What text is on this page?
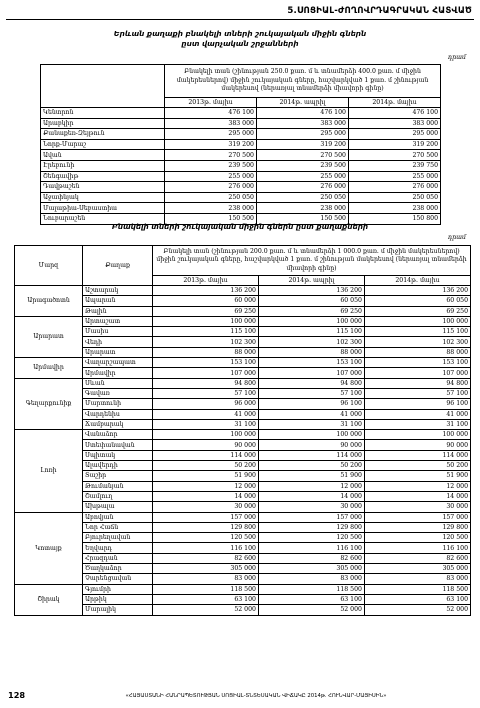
5.ՍՈՑԻԱԼ-ԺՈՂՈՎՐԴԱԳՐԱԿԱՆ ՀԱՏՎԱԾ
Երևան քաղաքի բնակելի տների շուկայական միջին գներն
ըստ վարչական շրջանների
դրամ
	Բնակելի տան (շինության 250.0 քառ. մ և տնամերձի 400.0 քառ. մ միջին մակերեսներով) միջին շուկայական գները, հաշվարկված 1 քառ. մ շինության մակերեսով (ներառյալ տնամերձի միավորի գինը)		
	2013թ. մայիս	2014թ. ապրիլ	2014թ. մայիս
Կենտրոն	476 100	476 100	476 100
Արաբկիր	383 000	383 000	383 000
Քանաքեռ-Զեյթուն	295 000	295 000	295 000
Նորք-Մարաշ	319 200	319 200	319 200
Ավան	270 500	270 500	270 500
Էրեբունի	239 500	239 500	239 750
Շենգավիթ	255 000	255 000	255 000
Դավթաշեն	276 000	276 000	276 000
Աջափնյակ	250 050	250 050	250 050
Մալաթիա-Սեբաստիա	238 000	238 000	238 000
Նուբարաշեն	150 500	150 500	150 800
Բնակելի տների շուկայական միջին գներն ըստ քաղաքների
դրամ
Մարզ	Քաղաք	Բնակելի տան (շինության 200.0 քառ. մ և տնամերձի 1 000.0 քառ. մ միջին մակերեսներով) միջին շուկայական գները, հաշվարկված 1 քառ. մ շինության մակերեսով (ներառյալ տնամերձի միավորի գինը)		
		2013թ. մայիս	2014թ. ապրիլ	2014թ. մայիս
Արագածոտն	Աշտարակ	136 200	136 200	136 200
	Ապարան	60 000	60 050	60 050
	Թալին	69 250	69 250	69 250
Արարատ	Արտաշատ	100 000	100 000	100 000
	Մասիս	115 100	115 100	115 100
	Վեդի	102 300	102 300	102 300
	Արարատ	88 000	88 000	88 000
Արմավիր	Վաղարշապատ	153 100	153 100	153 100
	Արմավիր	107 000	107 000	107 000
Գեղարքունիք	Սևան	94 800	94 800	94 800
	Գավառ	57 100	57 100	57 100
	Մարտունի	96 000	96 100	96 100
	Վարդենիս	41 000	41 000	41 000
	Ճամբարակ	31 100	31 100	31 100
Լոռի	Վանաձոր	100 000	100 000	100 000
	Ստեփանավան	90 000	90 000	90 000
	Սպիտակ	114 000	114 000	114 000
	Ալավերդի	50 200	50 200	50 200
	Տաշիր	51 900	51 900	51 900
	Թումանյան	12 000	12 000	12 000
	Շամլուղ	14 000	14 000	14 000
	Ախթալա	30 000	30 000	30 000
Կոտայք	Աբովյան	157 000	157 000	157 000
	Նոր Հաճն	129 800	129 800	129 800
	Բյուրեղավան	120 500	120 500	120 500
	Եղվարդ	116 100	116 100	116 100
	Հրազդան	82 600	82 600	82 600
	Ծաղկաձոր	305 000	305 000	305 000
	Չարենցավան	83 000	83 000	83 000
Շիրակ	Գյումրի	118 500	118 500	118 500
	Արթիկ	63 100	63 100	63 100
	Մարալիկ	52 000	52 000	52 000
128	«ՀԱՅԱՍՏԱՆԻ ՀԱՆՐԱՊԵՏՈՒԹՅԱՆ ՍՈՑԻԱԼ-ՏՆՏԵՍԱԿԱՆ ՎԻՃԱԿԸ 2014թ. ՀՈՒՆՎԱՐ-ՄԱՅԻՍԻՆ»
